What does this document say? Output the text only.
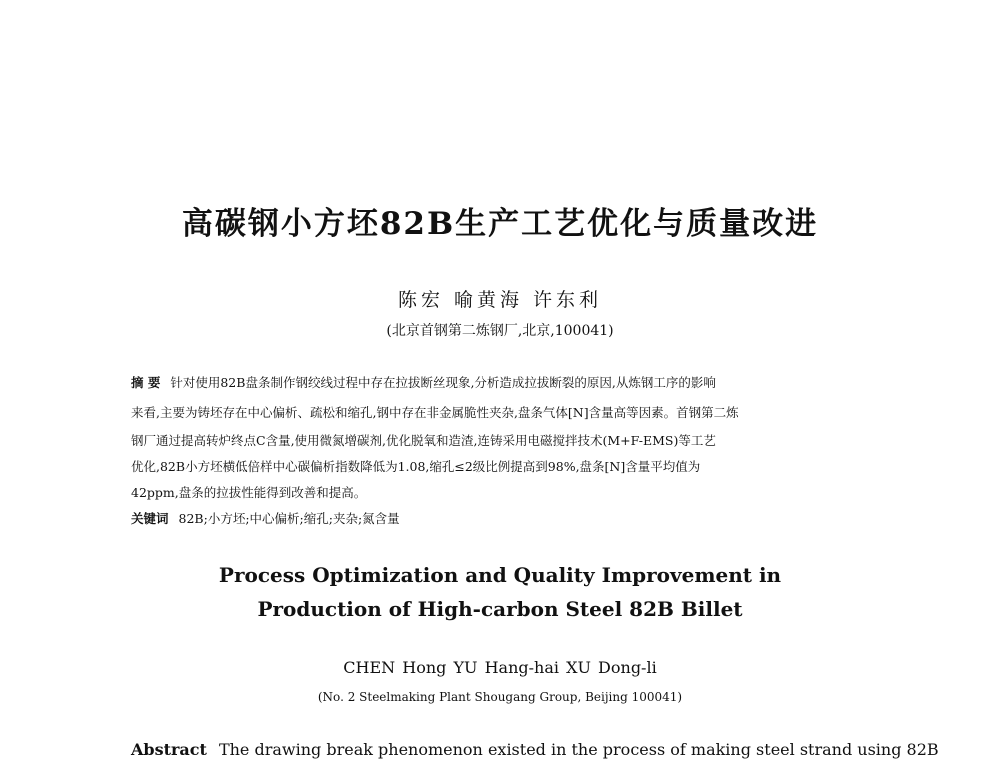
高碳钢小方坯82B生产工艺优化与质量改进
陈宏 喻黄海 许东利
(北京首钢第二炼钢厂,北京,100041)
摘 要 针对使用82B盘条制作钢绞线过程中存在拉拔断丝现象,分析造成拉拔断裂的原因,从炼钢工序的影响
来看,主要为铸坯存在中心偏析、疏松和缩孔,钢中存在非金属脆性夹杂,盘条气体[N]含量高等因素。首钢第二炼
钢厂通过提高转炉终点C含量,使用微氮增碳剂,优化脱氧和造渣,连铸采用电磁搅拌技术(M+F-EMS)等工艺
优化,82B小方坯横低倍样中心碳偏析指数降低为1.08,缩孔≤2级比例提高到98%,盘条[N]含量平均值为
42ppm,盘条的拉拔性能得到改善和提高。
关键词 82B;小方坯;中心偏析;缩孔;夹杂;氮含量
Process Optimization and Quality Improvement in
Production of High-carbon Steel 82B Billet
CHEN Hong YU Hang-hai XU Dong-li
(No. 2 Steelmaking Plant Shougang Group, Beijing 100041)
Abstract The drawing break phenomenon existed in the process of making steel strand using 82B
